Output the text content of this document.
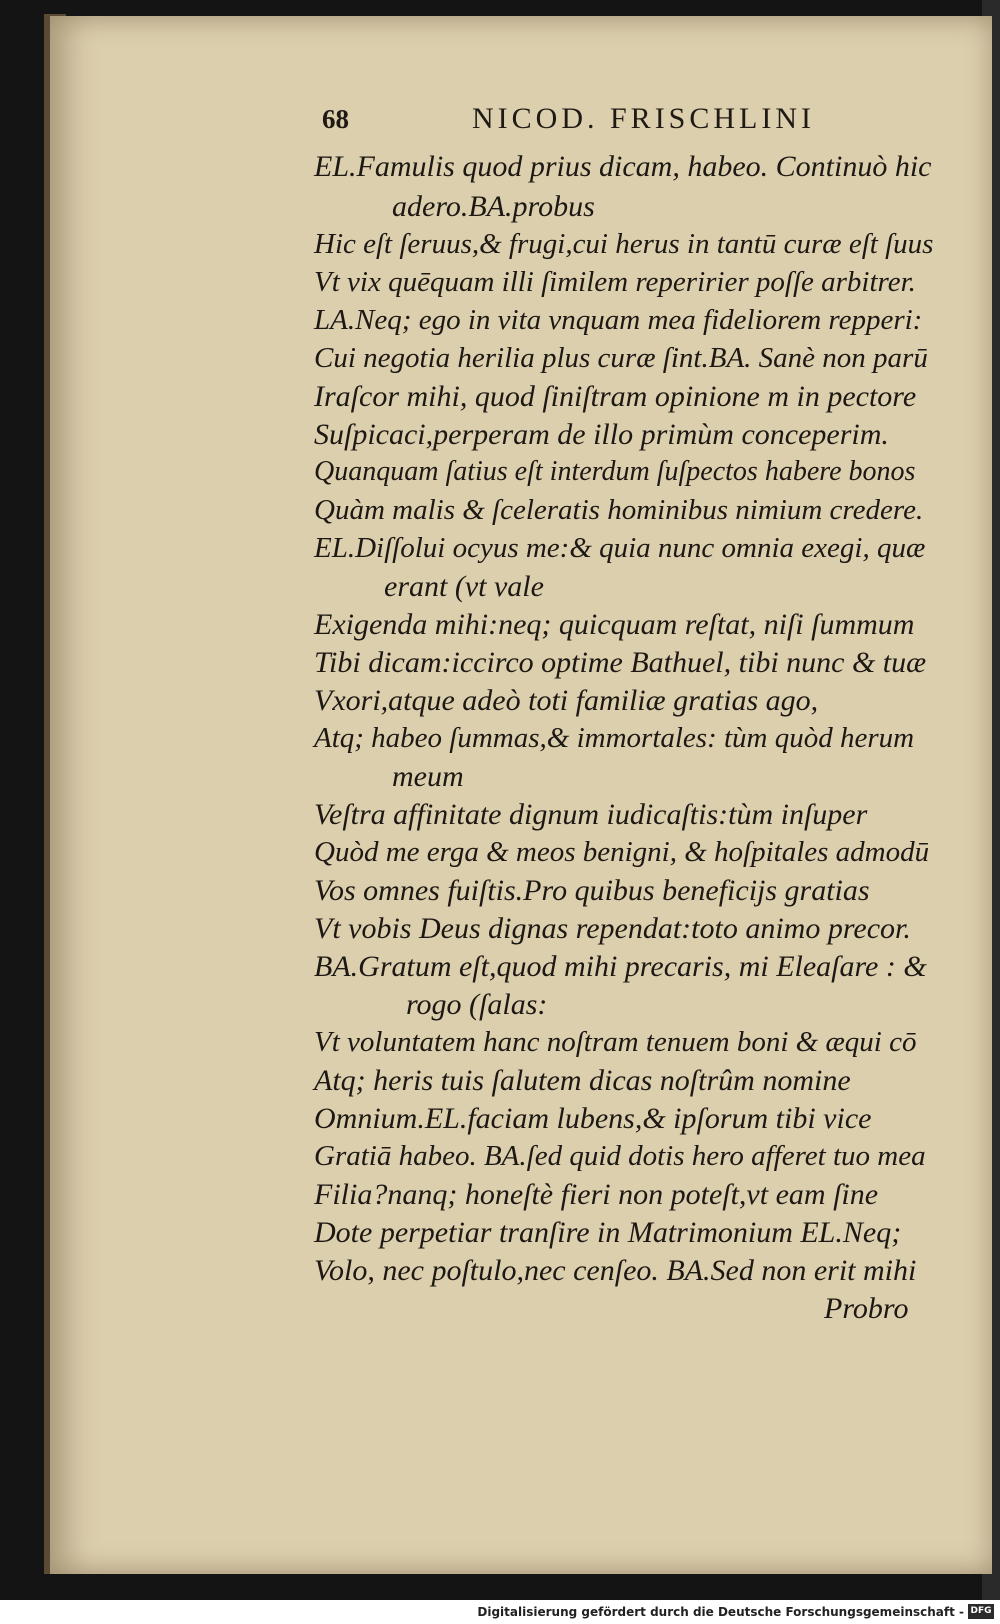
68	NICOD. FRISCHLINI
EL.Famulis quod prius dicam, habeo. Continuò hic
adero.BA.probus
Hic eſt ſeruus,& frugi,cui herus in tantū curæ eſt ſuus
Vt vix quēquam illi ſimilem reperirier poſſe arbitrer.
LA.Neq; ego in vita vnquam mea fideliorem repperi:
Cui negotia herilia plus curæ ſint.BA. Sanè non parū
Iraſcor mihi, quod ſiniſtram opinione m in pectore
Suſpicaci,perperam de illo primùm conceperim.
Quanquam ſatius eſt interdum ſuſpectos habere bonos
Quàm malis & ſceleratis hominibus nimium credere.
EL.Diſſolui ocyus me:& quia nunc omnia exegi, quæ
erant (vt vale
Exigenda mihi:neq; quicquam reſtat, niſi ſummum
Tibi dicam:iccirco optime Bathuel, tibi nunc & tuæ
Vxori,atque adeò toti familiæ gratias ago,
Atq; habeo ſummas,& immortales: tùm quòd herum
meum
Veſtra affinitate dignum iudicaſtis:tùm inſuper
Quòd me erga & meos benigni, & hoſpitales admodū
Vos omnes fuiſtis.Pro quibus beneficijs gratias
Vt vobis Deus dignas rependat:toto animo precor.
BA.Gratum eſt,quod mihi precaris, mi Eleaſare : &
rogo (ſalas:
Vt voluntatem hanc noſtram tenuem boni & æqui cō
Atq; heris tuis ſalutem dicas noſtrûm nomine
Omnium.EL.faciam lubens,& ipſorum tibi vice
Gratiā habeo. BA.ſed quid dotis hero afferet tuo mea
Filia?nanq; honeſtè fieri non poteſt,vt eam ſine
Dote perpetiar tranſire in Matrimonium EL.Neq;
Volo, nec poſtulo,nec cenſeo. BA.Sed non erit mihi
Probro
Digitalisierung gefördert durch die Deutsche Forschungsgemeinschaft - DFG
